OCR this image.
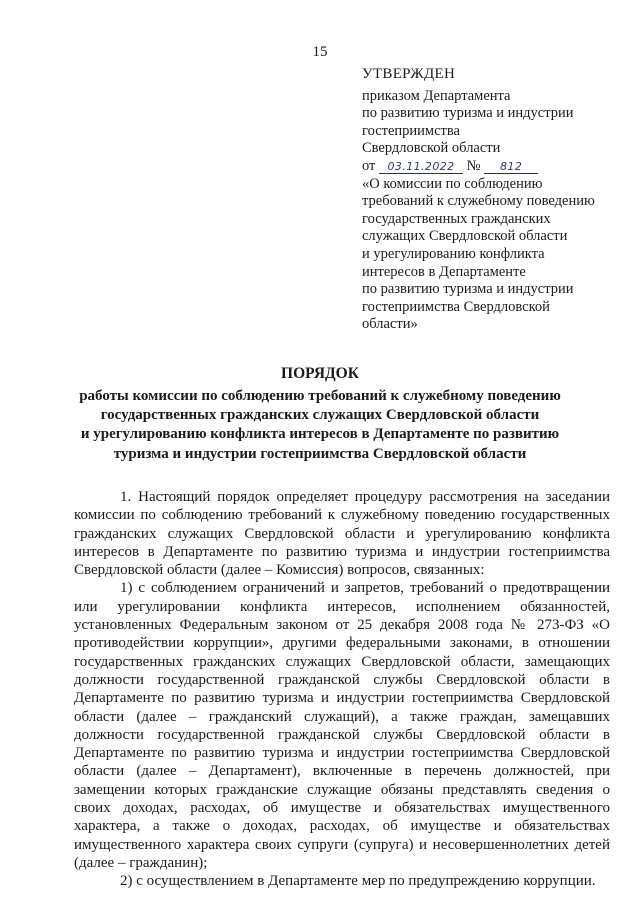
15
УТВЕРЖДЕН
приказом Департамента
по развитию туризма и индустрии
гостеприимства
Свердловской области
от 03.11.2022 № 812
«О комиссии по соблюдению
требований к служебному поведению
государственных гражданских
служащих Свердловской области
и урегулированию конфликта
интересов в Департаменте
по развитию туризма и индустрии
гостеприимства Свердловской
области»
ПОРЯДОК
работы комиссии по соблюдению требований к служебному поведению
государственных гражданских служащих Свердловской области
и урегулированию конфликта интересов в Департаменте по развитию
туризма и индустрии гостеприимства Свердловской области

1. Настоящий порядок определяет процедуру рассмотрения на заседании комиссии по соблюдению требований к служебному поведению государственных гражданских служащих Свердловской области и урегулированию конфликта интересов в Департаменте по развитию туризма и индустрии гостеприимства Свердловской области (далее – Комиссия) вопросов, связанных:

1) с соблюдением ограничений и запретов, требований о предотвращении или урегулировании конфликта интересов, исполнением обязанностей, установленных Федеральным законом от 25 декабря 2008 года № 273-ФЗ «О противодействии коррупции», другими федеральными законами, в отношении государственных гражданских служащих Свердловской области, замещающих должности государственной гражданской службы Свердловской области в Департаменте по развитию туризма и индустрии гостеприимства Свердловской области (далее – гражданский служащий), а также граждан, замещавших должности государственной гражданской службы Свердловской области в Департаменте по развитию туризма и индустрии гостеприимства Свердловской области (далее – Департамент), включенные в перечень должностей, при замещении которых гражданские служащие обязаны представлять сведения о своих доходах, расходах, об имуществе и обязательствах имущественного характера, а также о доходах, расходах, об имуществе и обязательствах имущественного характера своих супруги (супруга) и несовершеннолетних детей (далее – гражданин);

2) с осуществлением в Департаменте мер по предупреждению коррупции.
